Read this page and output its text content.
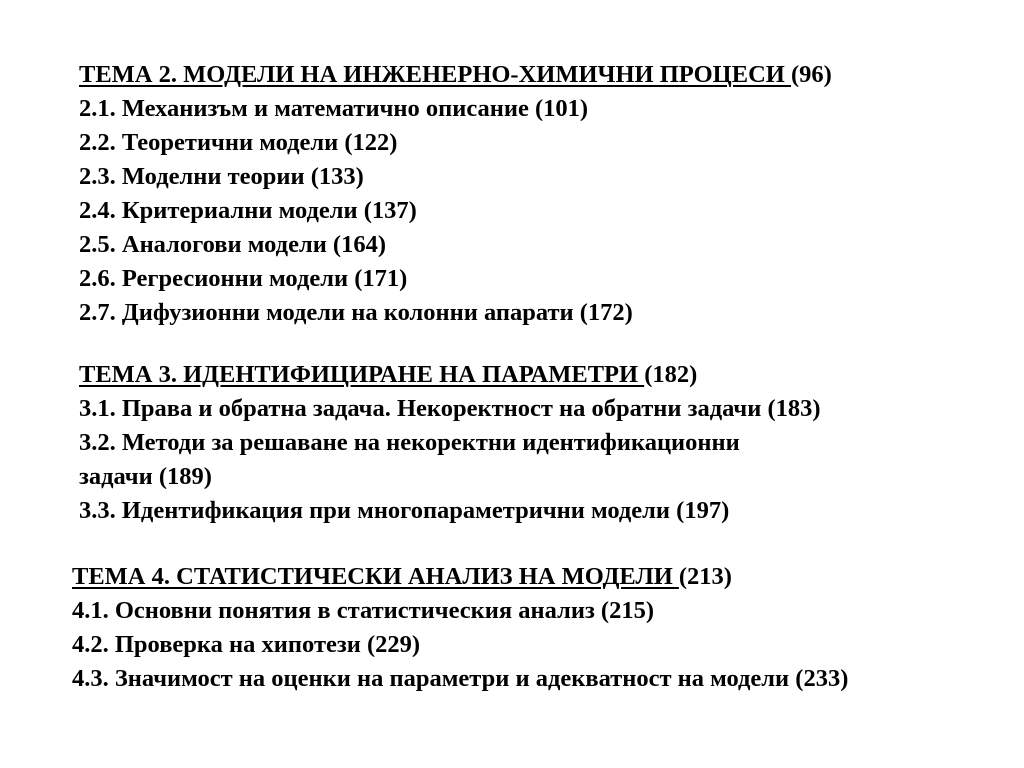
ТЕМА 2. МОДЕЛИ НА ИНЖЕНЕРНО-ХИМИЧНИ ПРОЦЕСИ (96)
2.1. Механизъм и математично описание (101)
2.2. Теоретични модели (122)
2.3. Моделни теории (133)
2.4. Критериални модели (137)
2.5. Аналогови модели (164)
2.6. Регресионни модели (171)
2.7. Дифузионни модели на колонни апарати (172)
ТЕМА 3. ИДЕНТИФИЦИРАНЕ НА ПАРАМЕТРИ (182)
3.1. Права и обратна задача. Некоректност на обратни задачи (183)
3.2. Методи за решаване на некоректни идентификационни
задачи (189)
3.3. Идентификация при многопараметрични модели (197)
ТЕМА 4. СТАТИСТИЧЕСКИ АНАЛИЗ НА МОДЕЛИ (213)
4.1. Основни понятия в статистическия анализ (215)
4.2. Проверка на хипотези (229)
4.3. Значимост на оценки на параметри и адекватност на модели (233)
